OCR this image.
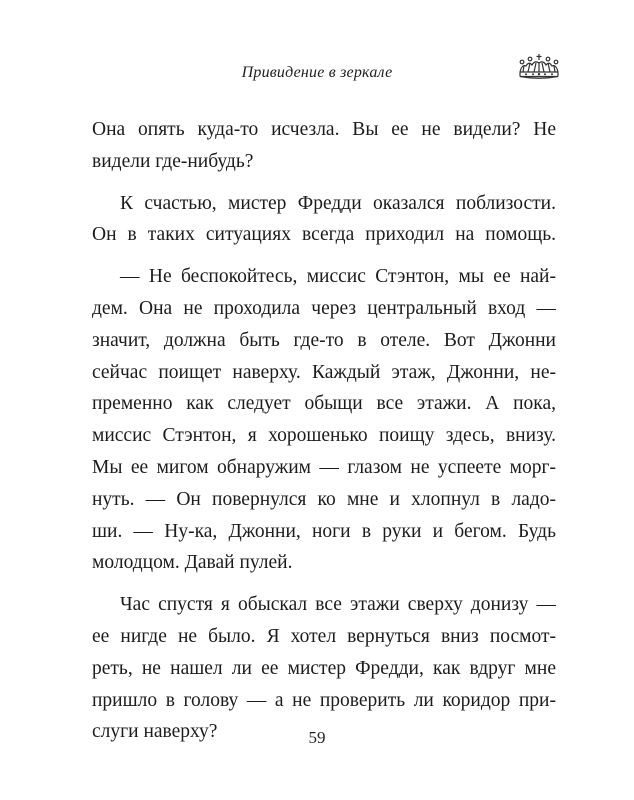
Привидение в зеркале
Она опять куда-то исчезла. Вы ее не видели? Не
видели где-нибудь?
К счастью, мистер Фредди оказался поблизости.
Он в таких ситуациях всегда приходил на помощь.
— Не беспокойтесь, миссис Стэнтон, мы ее най-
дем. Она не проходила через центральный вход —
значит, должна быть где-то в отеле. Вот Джонни
сейчас поищет наверху. Каждый этаж, Джонни, не-
пременно как следует обыщи все этажи. А пока,
миссис Стэнтон, я хорошенько поищу здесь, внизу.
Мы ее мигом обнаружим — глазом не успеете морг-
нуть. — Он повернулся ко мне и хлопнул в ладо-
ши. — Ну-ка, Джонни, ноги в руки и бегом. Будь
молодцом. Давай пулей.
Час спустя я обыскал все этажи сверху донизу —
ее нигде не было. Я хотел вернуться вниз посмот-
реть, не нашел ли ее мистер Фредди, как вдруг мне
пришло в голову — а не проверить ли коридор при-
слуги наверху?	59
